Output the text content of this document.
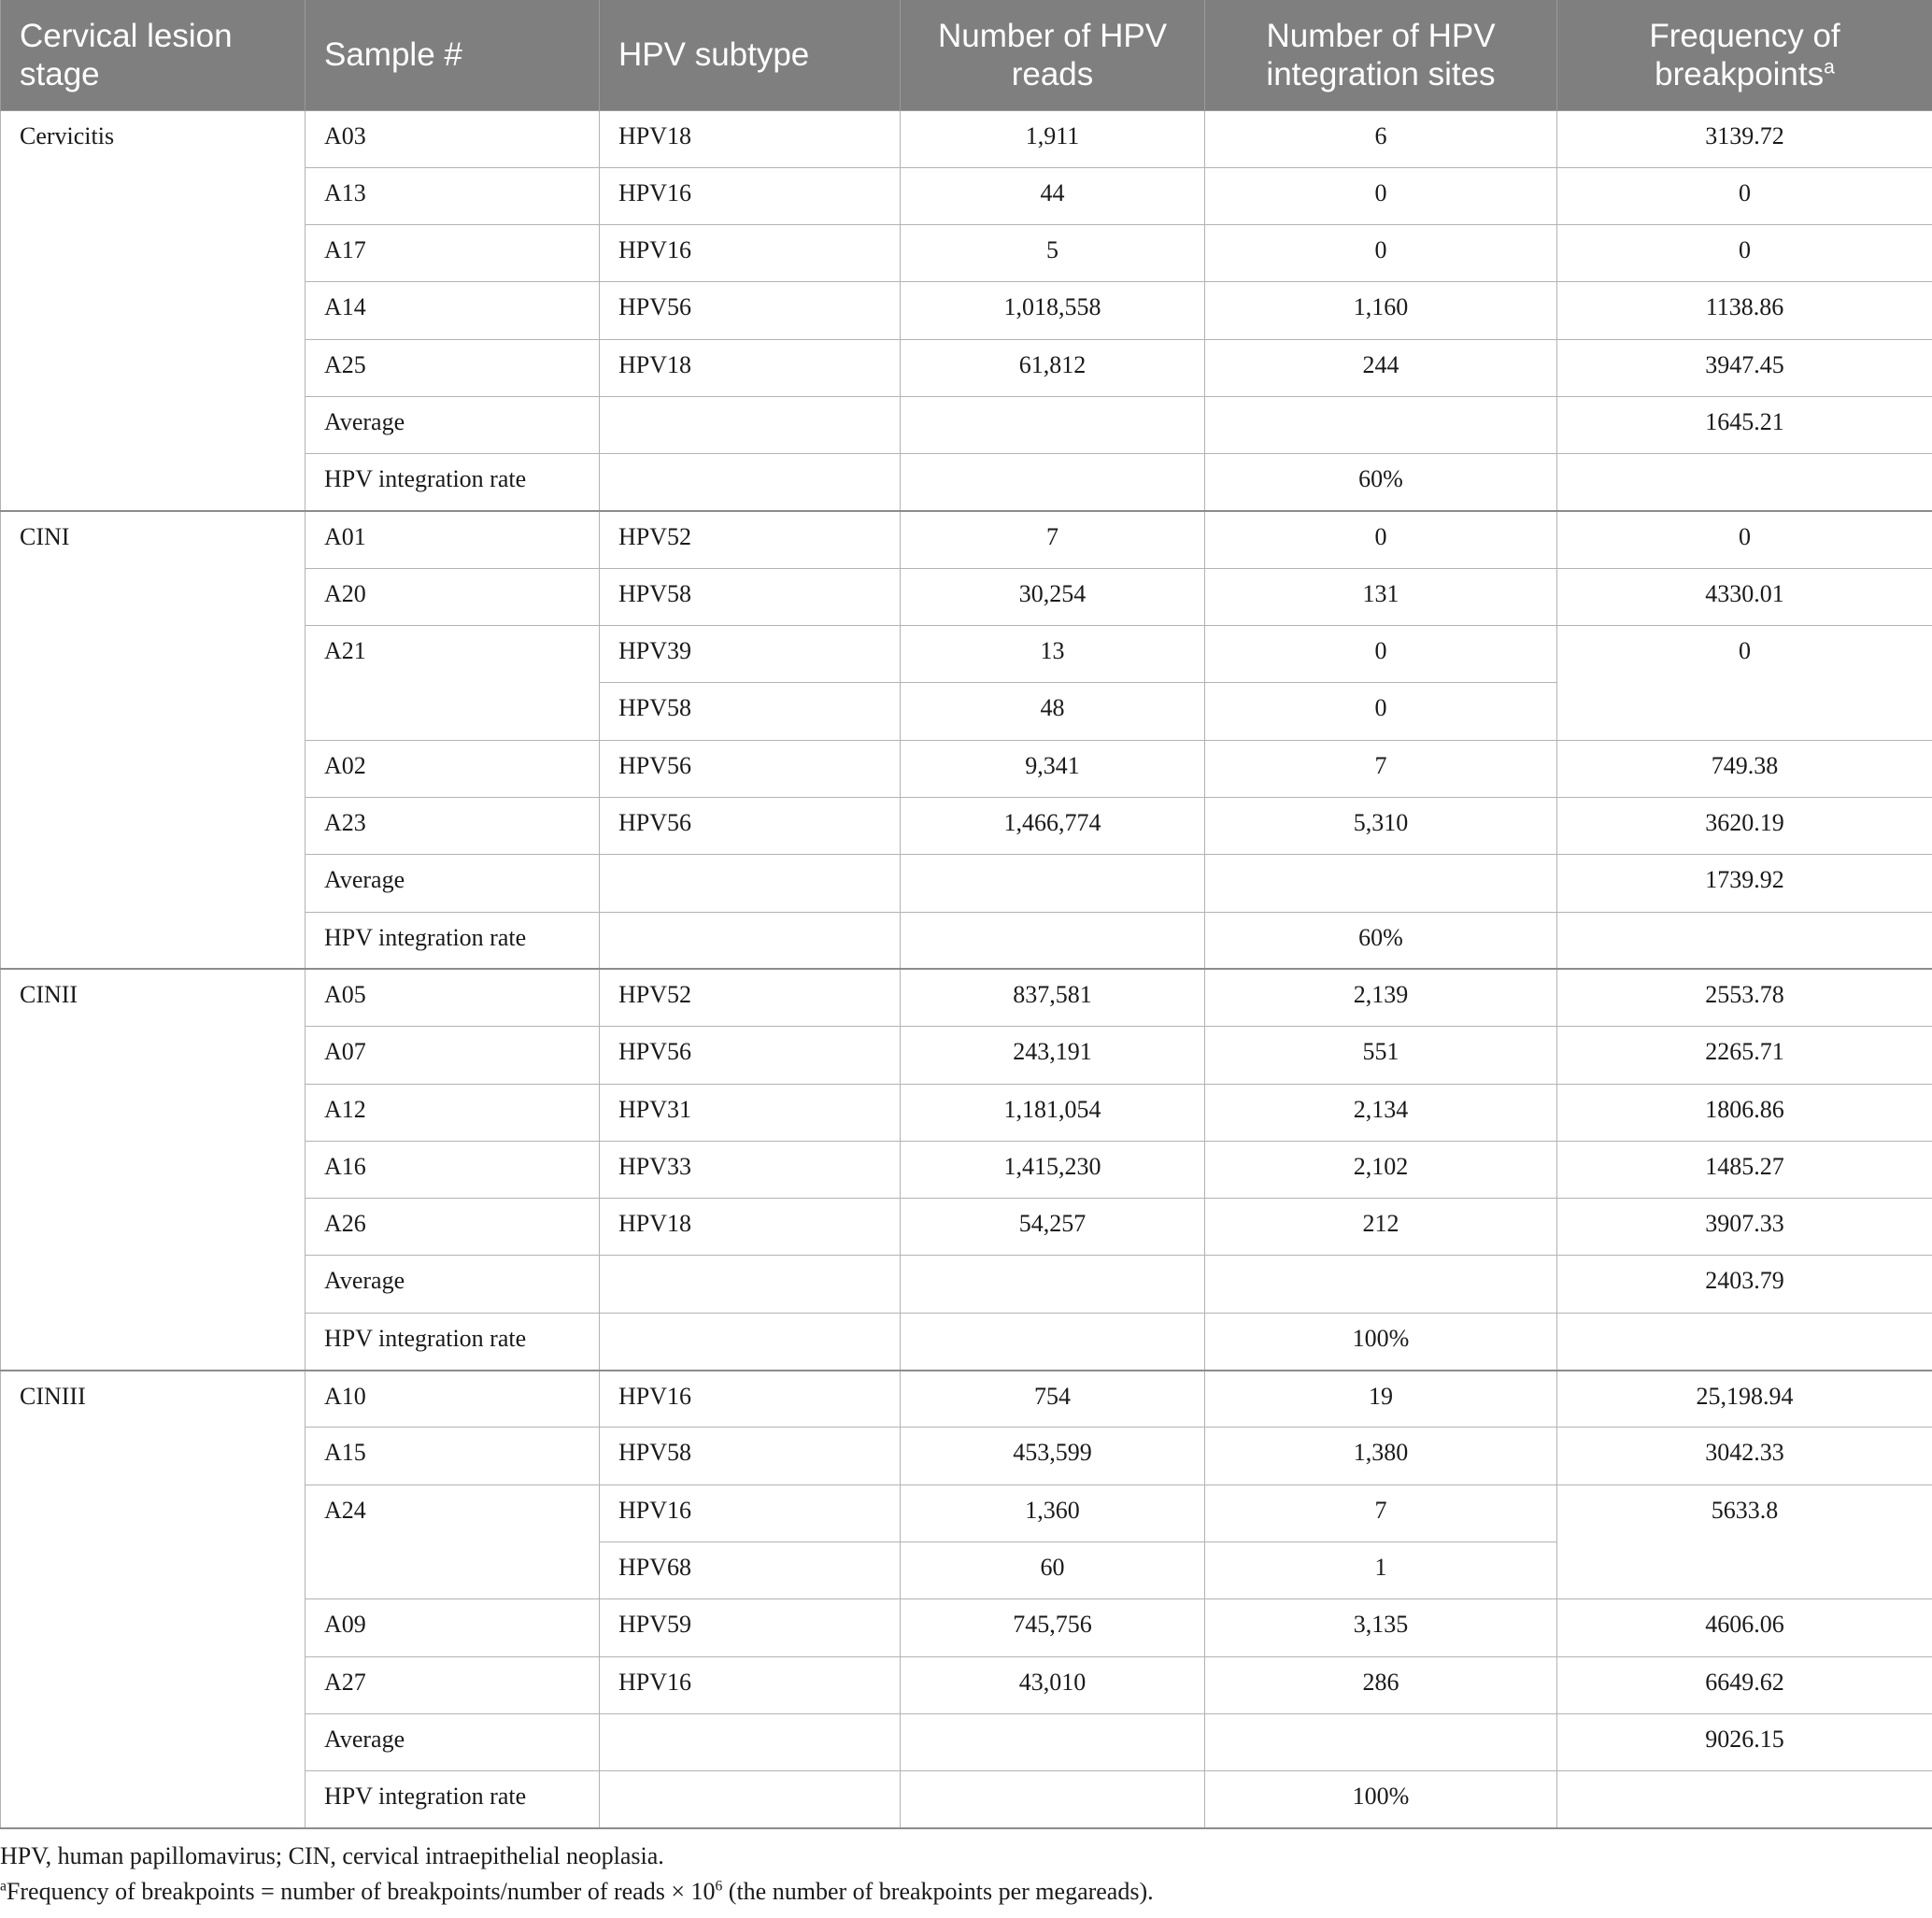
Cervical lesion stage	Sample #	HPV subtype	Number of HPV reads	Number of HPV integration sites	Frequency of breakpoints$^a$
Cervicitis	A03	HPV18	1,911	6	3139.72
	A13	HPV16	44	0	0
	A17	HPV16	5	0	0
	A14	HPV56	1,018,558	1,160	1138.86
	A25	HPV18	61,812	244	3947.45
	Average				1645.21
	HPV integration rate			60%	
CINI	A01	HPV52	7	0	0
	A20	HPV58	30,254	131	4330.01
	A21	HPV39	13	0	0
		HPV58	48	0	
	A02	HPV56	9,341	7	749.38
	A23	HPV56	1,466,774	5,310	3620.19
	Average				1739.92
	HPV integration rate			60%	
CINII	A05	HPV52	837,581	2,139	2553.78
	A07	HPV56	243,191	551	2265.71
	A12	HPV31	1,181,054	2,134	1806.86
	A16	HPV33	1,415,230	2,102	1485.27
	A26	HPV18	54,257	212	3907.33
	Average				2403.79
	HPV integration rate			100%	
CINIII	A10	HPV16	754	19	25,198.94
	A15	HPV58	453,599	1,380	3042.33
	A24	HPV16	1,360	7	5633.8
		HPV68	60	1	
	A09	HPV59	745,756	3,135	4606.06
	A27	HPV16	43,010	286	6649.62
	Average				9026.15
	HPV integration rate			100%	

HPV, human papillomavirus; CIN, cervical intraepithelial neoplasia.

$^a$Frequency of breakpoints = number of breakpoints/number of reads × $10^6$ (the number of breakpoints per megareads).
